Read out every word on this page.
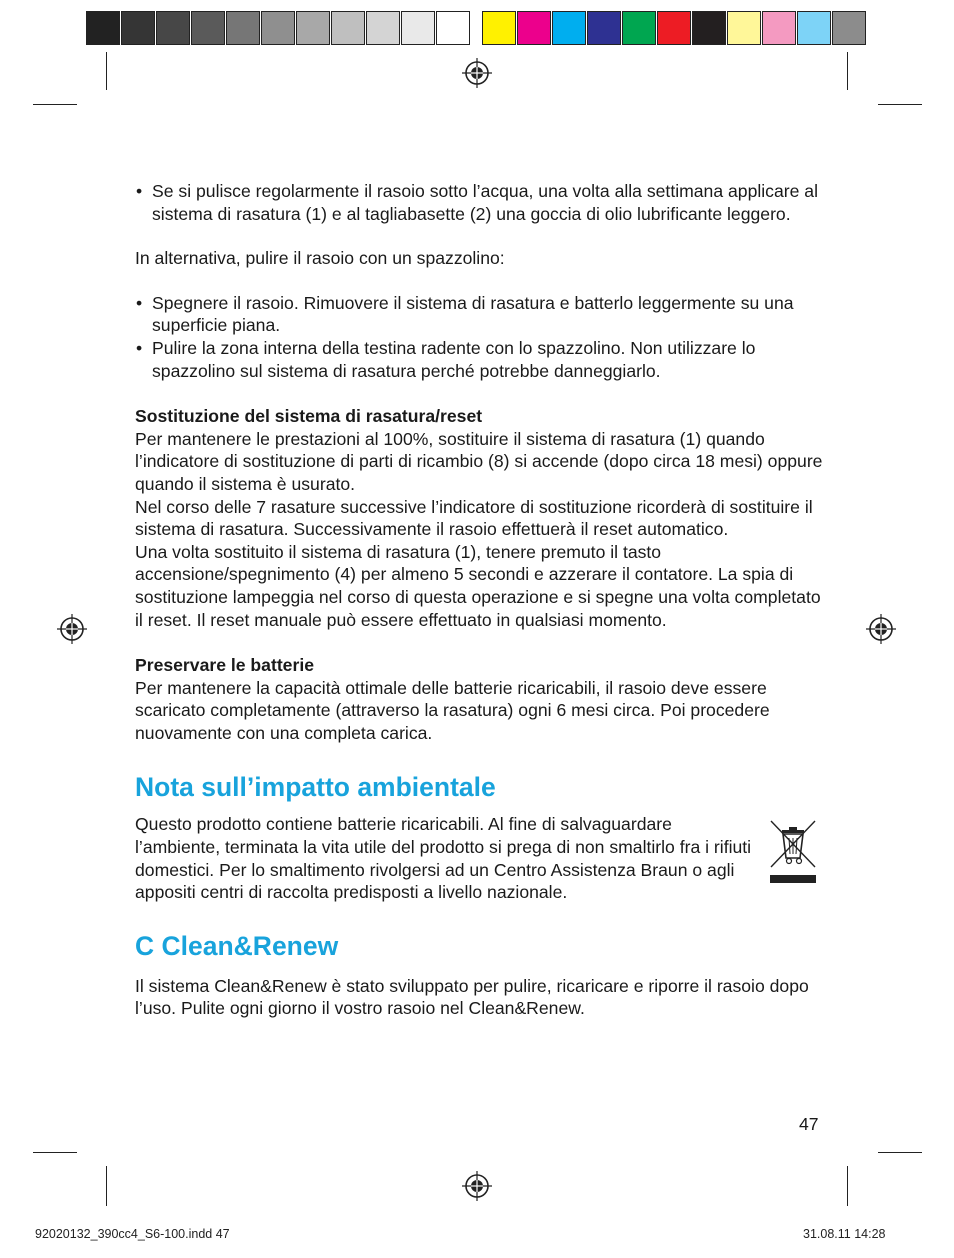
• Se si pulisce regolarmente il rasoio sotto l’acqua, una volta alla settimana applicare al sistema di rasatura (1) e al tagliabasette (2) una goccia di olio lubrificante leggero.

In alternativa, pulire il rasoio con un spazzolino:

• Spegnere il rasoio. Rimuovere il sistema di rasatura e batterlo leggermente su una superficie piana.
• Pulire la zona interna della testina radente con lo spazzolino. Non utilizzare lo spazzolino sul sistema di rasatura perché potrebbe danneggiarlo.

Sostituzione del sistema di rasatura/reset

Per mantenere le prestazioni al 100%, sostituire il sistema di rasatura (1) quando l’indicatore di sostituzione di parti di ricambio (8) si accende (dopo circa 18 mesi) oppure quando il sistema è usurato.

Nel corso delle 7 rasature successive l’indicatore di sostituzione ricorderà di sostituire il sistema di rasatura. Successivamente il rasoio effettuerà il reset automatico.

Una volta sostituito il sistema di rasatura (1), tenere premuto il tasto accensione/spegnimento (4) per almeno 5 secondi e azzerare il contatore. La spia di sostituzione lampeggia nel corso di questa operazione e si spegne una volta completato il reset. Il reset manuale può essere effettuato in qualsiasi momento.

Preservare le batterie

Per mantenere la capacità ottimale delle batterie ricaricabili, il rasoio deve essere scaricato completamente (attraverso la rasatura) ogni 6 mesi circa. Poi procedere nuovamente con una completa carica.

Nota sull’impatto ambientale

Questo prodotto contiene batterie ricaricabili. Al fine di salvaguardare l’ambiente, terminata la vita utile del prodotto si prega di non smaltirlo fra i rifiuti domestici. Per lo smaltimento rivolgersi ad un Centro Assistenza Braun o agli appositi centri di raccolta predisposti a livello nazionale.

C Clean&Renew

Il sistema Clean&Renew è stato sviluppato per pulire, ricaricare e riporre il rasoio dopo l’uso. Pulite ogni giorno il vostro rasoio nel Clean&Renew.

47
92020132_390cc4_S6-100.indd 47	31.08.11 14:28
